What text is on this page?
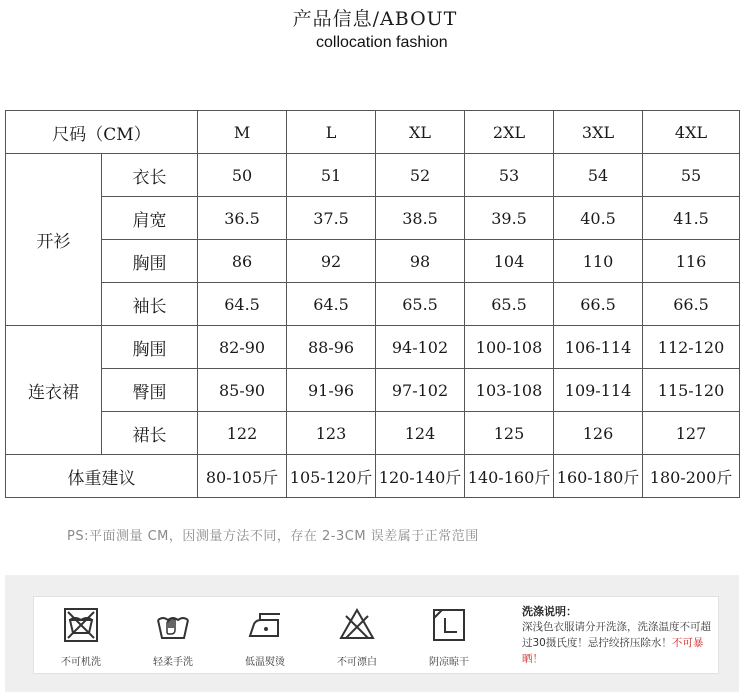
产品信息/ABOUT
collocation fashion
尺码（CM）		M	L	XL	2XL	3XL	4XL
开衫	衣长	50	51	52	53	54	55
	肩宽	36.5	37.5	38.5	39.5	40.5	41.5
	胸围	86	92	98	104	110	116
	袖长	64.5	64.5	65.5	65.5	66.5	66.5
连衣裙	胸围	82-90	88-96	94-102	100-108	106-114	112-120
	臀围	85-90	91-96	97-102	103-108	109-114	115-120
	裙长	122	123	124	125	126	127
体重建议		80-105斤	105-120斤	120-140斤	140-160斤	160-180斤	180-200斤
PS:平面测量 CM，因测量方法不同，存在 2-3CM 误差属于正常范围
不可机洗	轻柔手洗	低温熨烫	不可漂白	阴凉晾干
洗涤说明：
深浅色衣服请分开洗涤，洗涤温度不可超过30摄氏度！忌拧绞挤压除水！不可暴晒！
